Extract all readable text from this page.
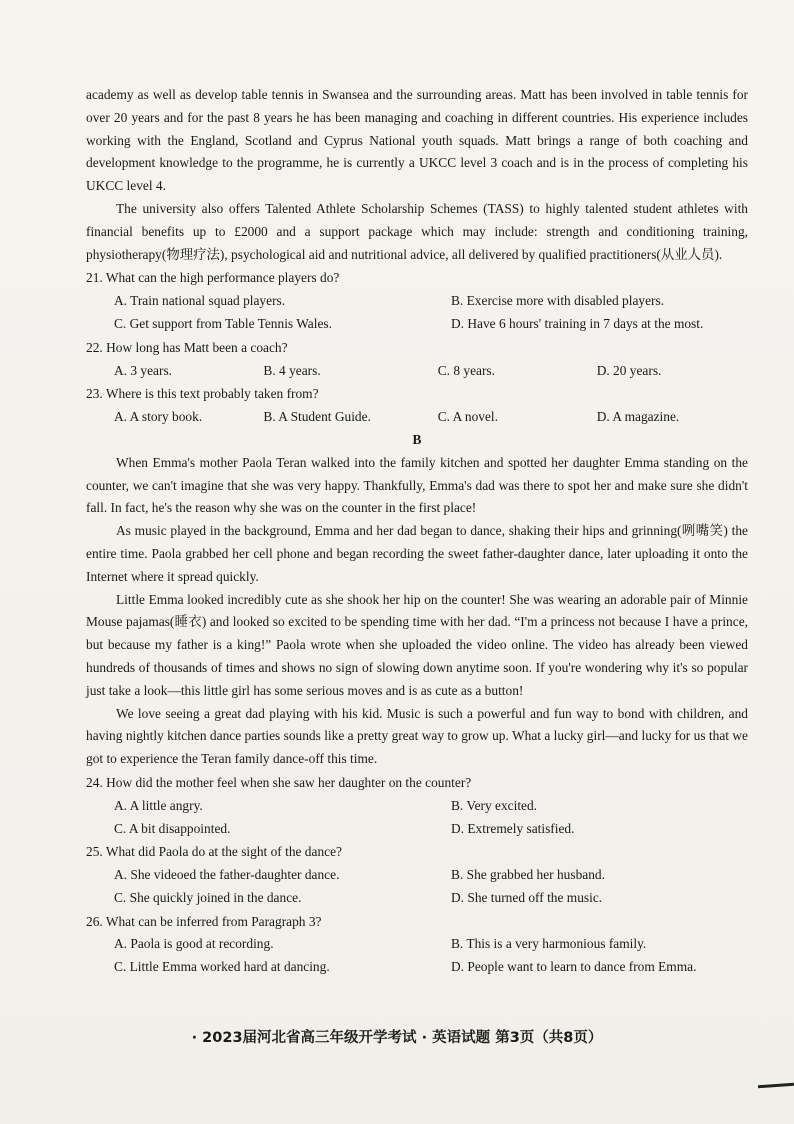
academy as well as develop table tennis in Swansea and the surrounding areas. Matt has been involved in table tennis for over 20 years and for the past 8 years he has been managing and coaching in different countries. His experience includes working with the England, Scotland and Cyprus National youth squads. Matt brings a range of both coaching and development knowledge to the programme, he is currently a UKCC level 3 coach and is in the process of completing his UKCC level 4.

The university also offers Talented Athlete Scholarship Schemes (TASS) to highly talented student athletes with financial benefits up to £2000 and a support package which may include: strength and conditioning training, physiotherapy(物理疗法), psychological aid and nutritional advice, all delivered by qualified practitioners(从业人员).

21. What can the high performance players do?

A. Train national squad players.	B. Exercise more with disabled players.
C. Get support from Table Tennis Wales.	D. Have 6 hours' training in 7 days at the most.

22. How long has Matt been a coach?

A. 3 years.	B. 4 years.	C. 8 years.	D. 20 years.

23. Where is this text probably taken from?

A. A story book.	B. A Student Guide.	C. A novel.	D. A magazine.

B

When Emma's mother Paola Teran walked into the family kitchen and spotted her daughter Emma standing on the counter, we can't imagine that she was very happy. Thankfully, Emma's dad was there to spot her and make sure she didn't fall. In fact, he's the reason why she was on the counter in the first place!

As music played in the background, Emma and her dad began to dance, shaking their hips and grinning(咧嘴笑) the entire time. Paola grabbed her cell phone and began recording the sweet father-daughter dance, later uploading it onto the Internet where it spread quickly.

Little Emma looked incredibly cute as she shook her hip on the counter! She was wearing an adorable pair of Minnie Mouse pajamas(睡衣) and looked so excited to be spending time with her dad. “I'm a princess not because I have a prince, but because my father is a king!” Paola wrote when she uploaded the video online. The video has already been viewed hundreds of thousands of times and shows no sign of slowing down anytime soon. If you're wondering why it's so popular just take a look—this little girl has some serious moves and is as cute as a button!

We love seeing a great dad playing with his kid. Music is such a powerful and fun way to bond with children, and having nightly kitchen dance parties sounds like a pretty great way to grow up. What a lucky girl—and lucky for us that we got to experience the Teran family dance-off this time.

24. How did the mother feel when she saw her daughter on the counter?

A. A little angry.	B. Very excited.
C. A bit disappointed.	D. Extremely satisfied.

25. What did Paola do at the sight of the dance?

A. She videoed the father-daughter dance.	B. She grabbed her husband.
C. She quickly joined in the dance.	D. She turned off the music.

26. What can be inferred from Paragraph 3?

A. Paola is good at recording.	B. This is a very harmonious family.
C. Little Emma worked hard at dancing.	D. People want to learn to dance from Emma.
· 2023届河北省高三年级开学考试 · 英语试题 第3页（共8页）
